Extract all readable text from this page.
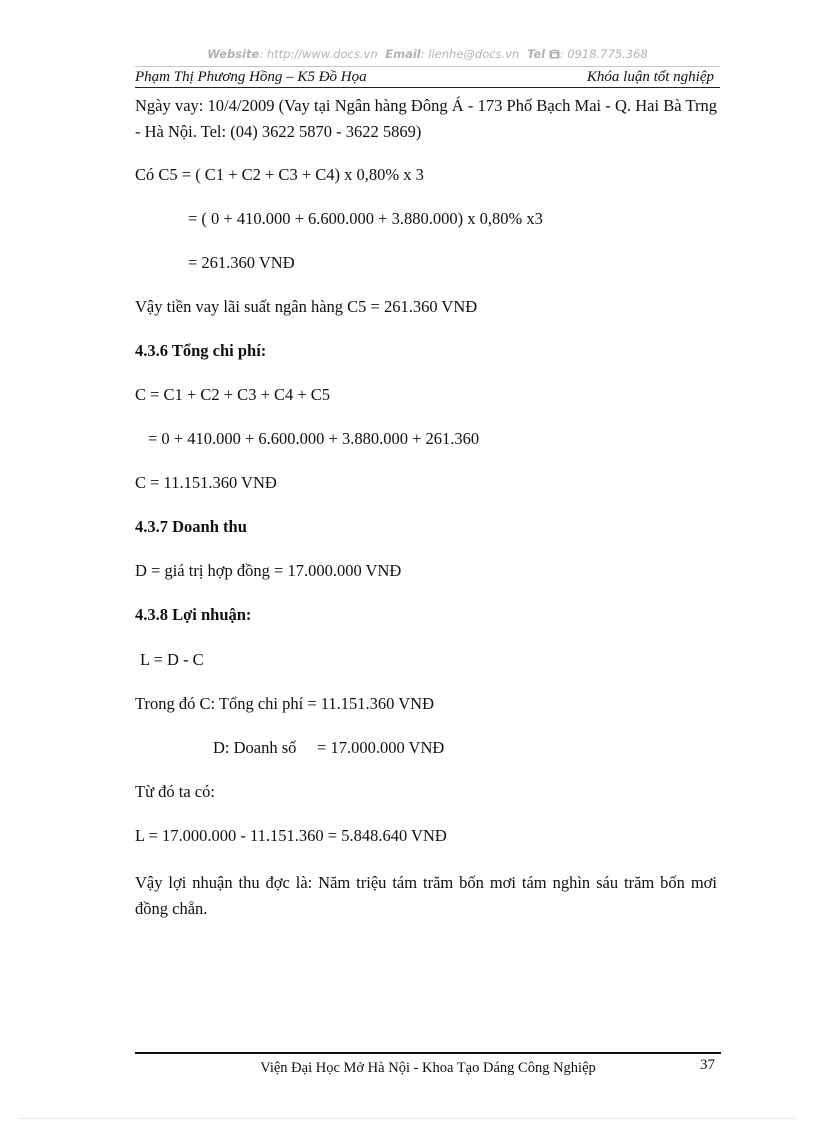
Website: http://www.docs.vn Email: lienhe@docs.vn Tel : 0918.775.368
Phạm Thị Phương Hồng – K5 Đồ Họa	Khóa luận tốt nghiệp
Ngày vay: 10/4/2009 (Vay tại Ngân hàng Đông Á - 173 Phố Bạch Mai - Q. Hai Bà Trng - Hà Nội. Tel: (04) 3622 5870 - 3622 5869)
Có C5 = ( C1 + C2 + C3 + C4) x 0,80% x 3
= ( 0 + 410.000 + 6.600.000 + 3.880.000) x 0,80% x3
= 261.360 VNĐ
Vậy tiền vay lãi suất ngân hàng C5 = 261.360 VNĐ
4.3.6 Tổng chi phí:
C = C1 + C2 + C3 + C4 + C5
= 0 + 410.000 + 6.600.000 + 3.880.000 + 261.360
C = 11.151.360 VNĐ
4.3.7 Doanh thu
D = giá trị hợp đồng = 17.000.000 VNĐ
4.3.8 Lợi nhuận:
L = D - C
Trong đó C: Tổng chi phí = 11.151.360 VNĐ
D: Doanh số     = 17.000.000 VNĐ
Từ đó ta có:
L = 17.000.000 - 11.151.360 = 5.848.640 VNĐ
Vậy lợi nhuận thu đợc là: Năm triệu tám trăm bốn mơi tám nghìn sáu trăm bốn mơi đồng chẵn.
Viện Đại Học Mở Hà Nội - Khoa Tạo Dáng Công Nghiệp	37
